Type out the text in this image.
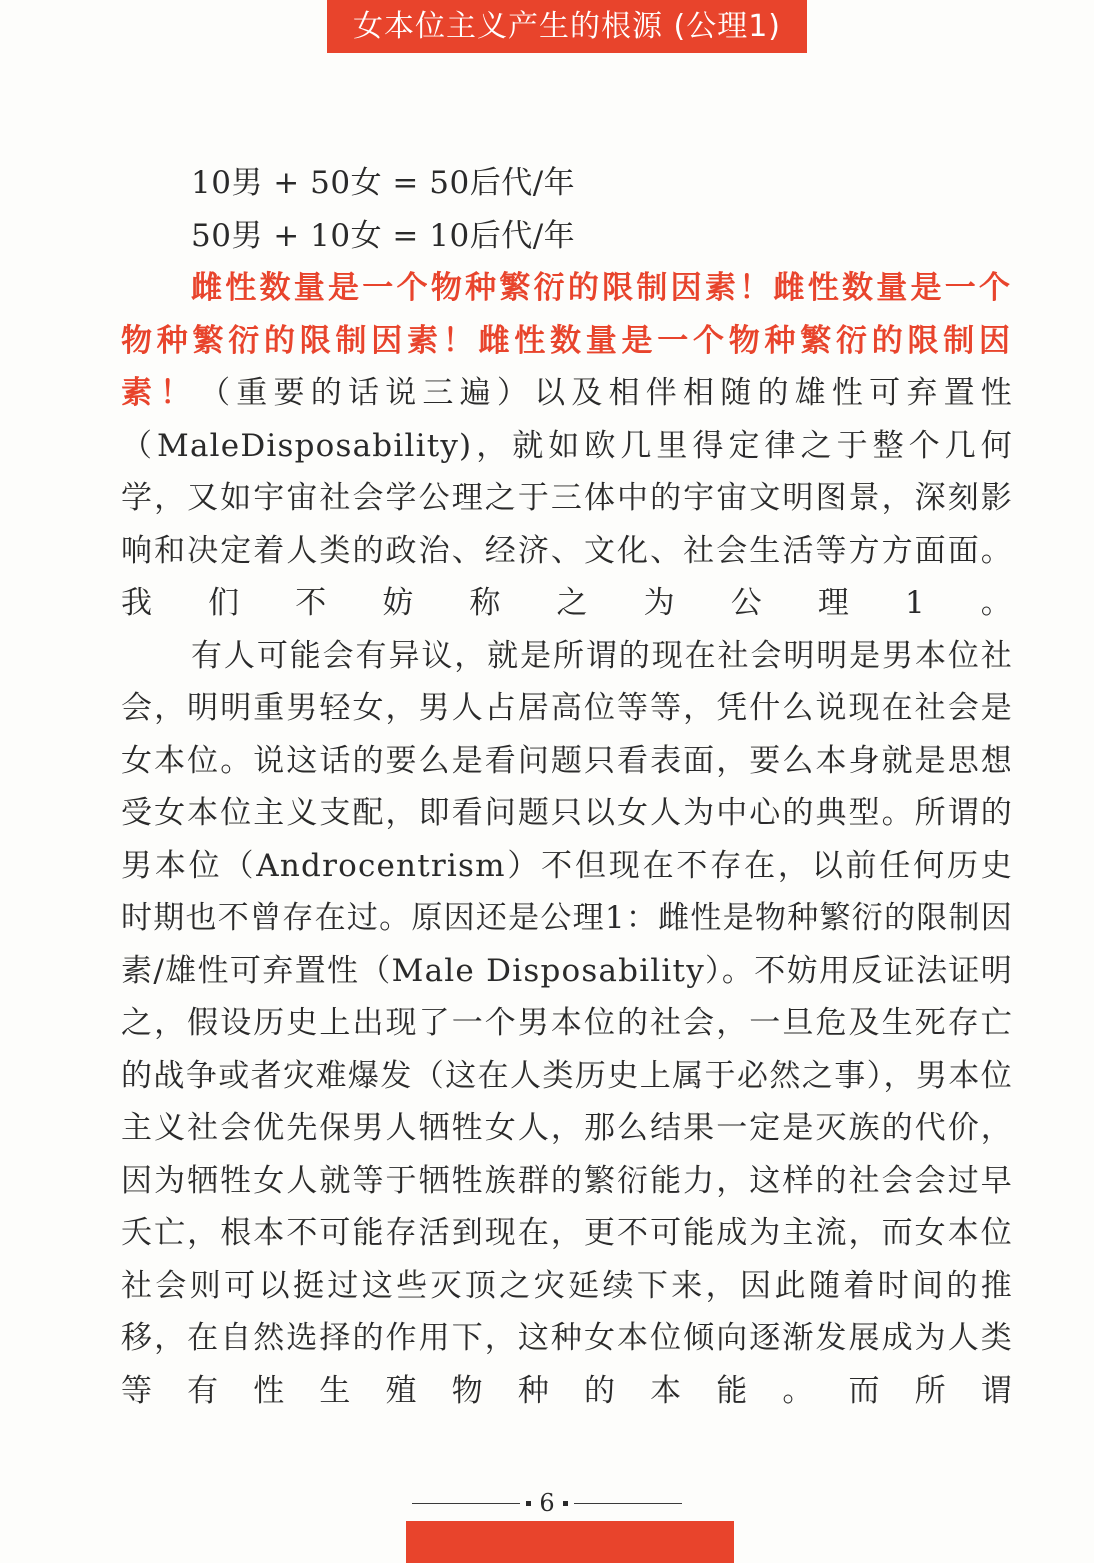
女本位主义产生的根源 (公理1)
10男 + 50女 = 50后代/年
50男 + 10女 = 10后代/年

雌性数量是一个物种繁衍的限制因素！雌性数量是一个物种繁衍的限制因素！雌性数量是一个物种繁衍的限制因素！（重要的话说三遍）以及相伴相随的雄性可弃置性（MaleDisposability)，就如欧几里得定律之于整个几何学，又如宇宙社会学公理之于三体中的宇宙文明图景，深刻影响和决定着人类的政治、经济、文化、社会生活等方方面面。我们不妨称之为公理1。

有人可能会有异议，就是所谓的现在社会明明是男本位社会，明明重男轻女，男人占居高位等等，凭什么说现在社会是女本位。说这话的要么是看问题只看表面，要么本身就是思想受女本位主义支配，即看问题只以女人为中心的典型。所谓的男本位（Androcentrism）不但现在不存在，以前任何历史时期也不曾存在过。原因还是公理1：雌性是物种繁衍的限制因素/雄性可弃置性（Male Disposability）。不妨用反证法证明之，假设历史上出现了一个男本位的社会，一旦危及生死存亡的战争或者灾难爆发（这在人类历史上属于必然之事），男本位主义社会优先保男人牺牲女人，那么结果一定是灭族的代价，因为牺牲女人就等于牺牲族群的繁衍能力，这样的社会会过早夭亡，根本不可能存活到现在，更不可能成为主流，而女本位社会则可以挺过这些灭顶之灾延续下来，因此随着时间的推移，在自然选择的作用下，这种女本位倾向逐渐发展成为人类等有性生殖物种的本能。而所谓

6
